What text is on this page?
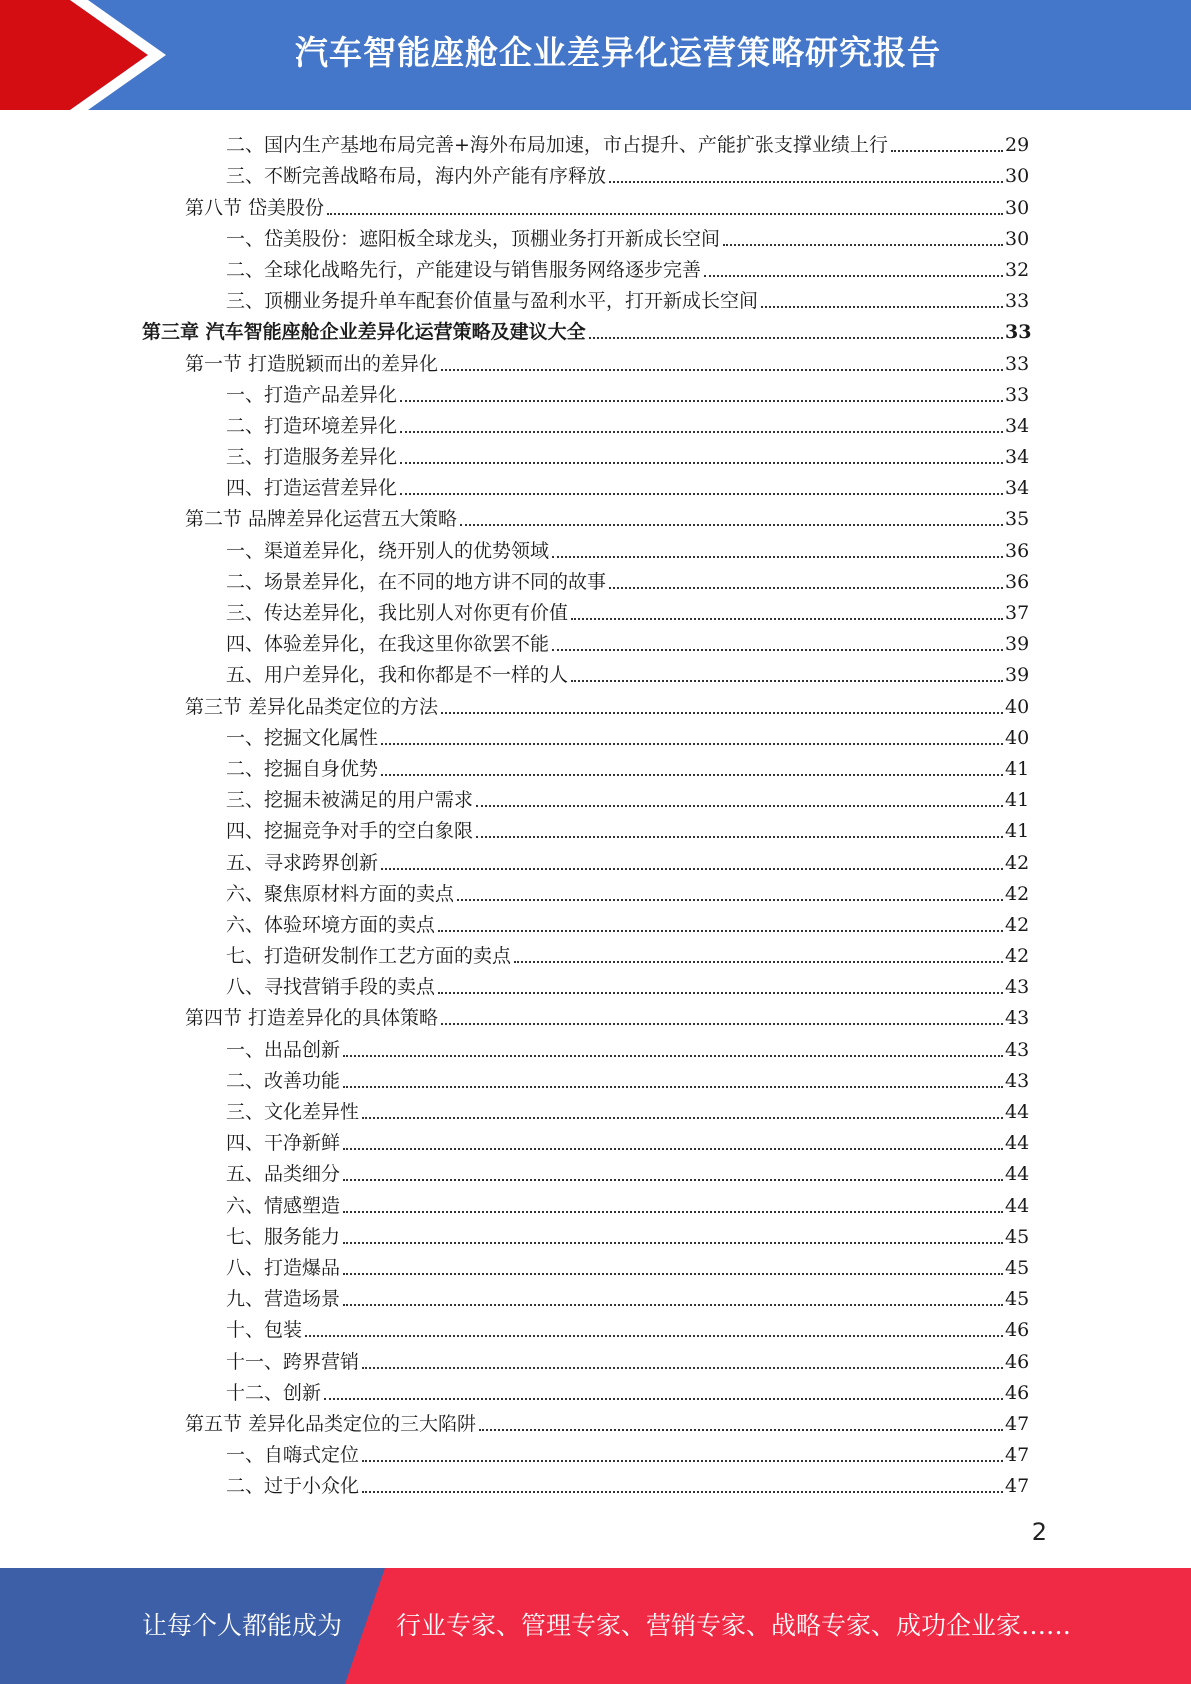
汽车智能座舱企业差异化运营策略研究报告
二、国内生产基地布局完善+海外布局加速，市占提升、产能扩张支撑业绩上行	29
三、不断完善战略布局，海内外产能有序释放	30
第八节 岱美股份	30
一、岱美股份：遮阳板全球龙头，顶棚业务打开新成长空间	30
二、全球化战略先行，产能建设与销售服务网络逐步完善	32
三、顶棚业务提升单车配套价值量与盈利水平，打开新成长空间	33
第三章 汽车智能座舱企业差异化运营策略及建议大全	33
第一节 打造脱颖而出的差异化	33
一、打造产品差异化	33
二、打造环境差异化	34
三、打造服务差异化	34
四、打造运营差异化	34
第二节 品牌差异化运营五大策略	35
一、渠道差异化，绕开别人的优势领域	36
二、场景差异化，在不同的地方讲不同的故事	36
三、传达差异化，我比别人对你更有价值	37
四、体验差异化，在我这里你欲罢不能	39
五、用户差异化，我和你都是不一样的人	39
第三节 差异化品类定位的方法	40
一、挖掘文化属性	40
二、挖掘自身优势	41
三、挖掘未被满足的用户需求	41
四、挖掘竞争对手的空白象限	41
五、寻求跨界创新	42
六、聚焦原材料方面的卖点	42
六、体验环境方面的卖点	42
七、打造研发制作工艺方面的卖点	42
八、寻找营销手段的卖点	43
第四节 打造差异化的具体策略	43
一、出品创新	43
二、改善功能	43
三、文化差异性	44
四、干净新鲜	44
五、品类细分	44
六、情感塑造	44
七、服务能力	45
八、打造爆品	45
九、营造场景	45
十、包装	46
十一、跨界营销	46
十二、创新	46
第五节 差异化品类定位的三大陷阱	47
一、自嗨式定位	47
二、过于小众化	47
2
让每个人都能成为 行业专家、管理专家、营销专家、战略专家、成功企业家……
